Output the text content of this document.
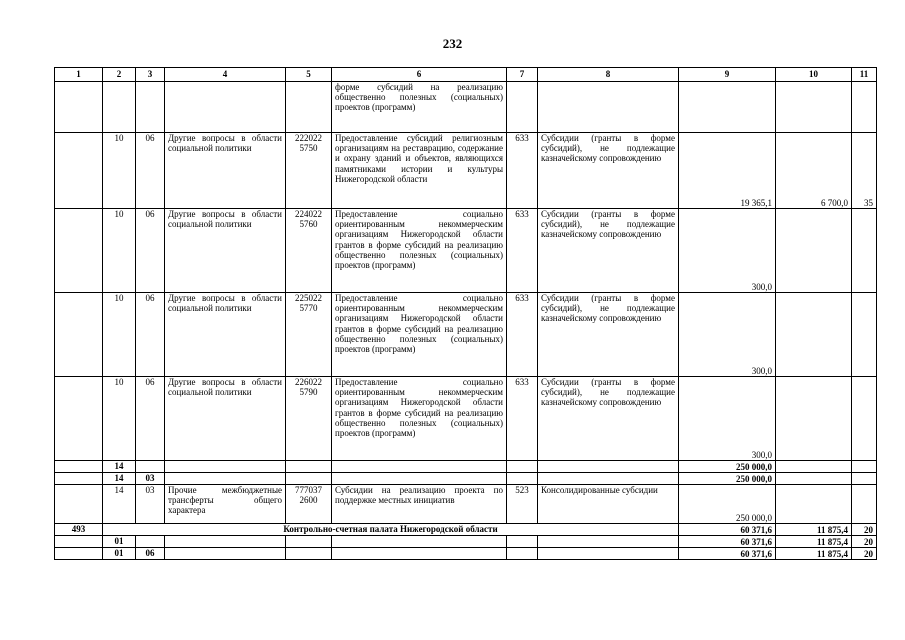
232
1	2	3	4	5	6	7	8	9	10	11
					форме субсидий на реализацию общественно полезных (социальных) проектов (программ)					
	10	06	Другие вопросы в области социальной политики	222022 5750	Предоставление субсидий религиозным организациям на реставрацию, содержание и охрану зданий и объектов, являющихся памятниками истории и культуры Нижегородской области	633	Субсидии (гранты в форме субсидий), не подлежащие казначейскому сопровождению	19 365,1	6 700,0	35
	10	06	Другие вопросы в области социальной политики	224022 5760	Предоставление социально ориентированным некоммерческим организациям Нижегородской области грантов в форме субсидий на реализацию общественно полезных (социальных) проектов (программ)	633	Субсидии (гранты в форме субсидий), не подлежащие казначейскому сопровождению	300,0		
	10	06	Другие вопросы в области социальной политики	225022 5770	Предоставление социально ориентированным некоммерческим организациям Нижегородской области грантов в форме субсидий на реализацию общественно полезных (социальных) проектов (программ)	633	Субсидии (гранты в форме субсидий), не подлежащие казначейскому сопровождению	300,0		
	10	06	Другие вопросы в области социальной политики	226022 5790	Предоставление социально ориентированным некоммерческим организациям Нижегородской области грантов в форме субсидий на реализацию общественно полезных (социальных) проектов (программ)	633	Субсидии (гранты в форме субсидий), не подлежащие казначейскому сопровождению	300,0		
	14							250 000,0		
	14	03						250 000,0		
	14	03	Прочие межбюджетные трансферты общего характера	777037 2600	Субсидии на реализацию проекта по поддержке местных инициатив	523	Консолидированные субсидии	250 000,0		
493	Контрольно-счетная палата Нижегородской области							60 371,6	11 875,4	20
	01							60 371,6	11 875,4	20
	01	06						60 371,6	11 875,4	20
